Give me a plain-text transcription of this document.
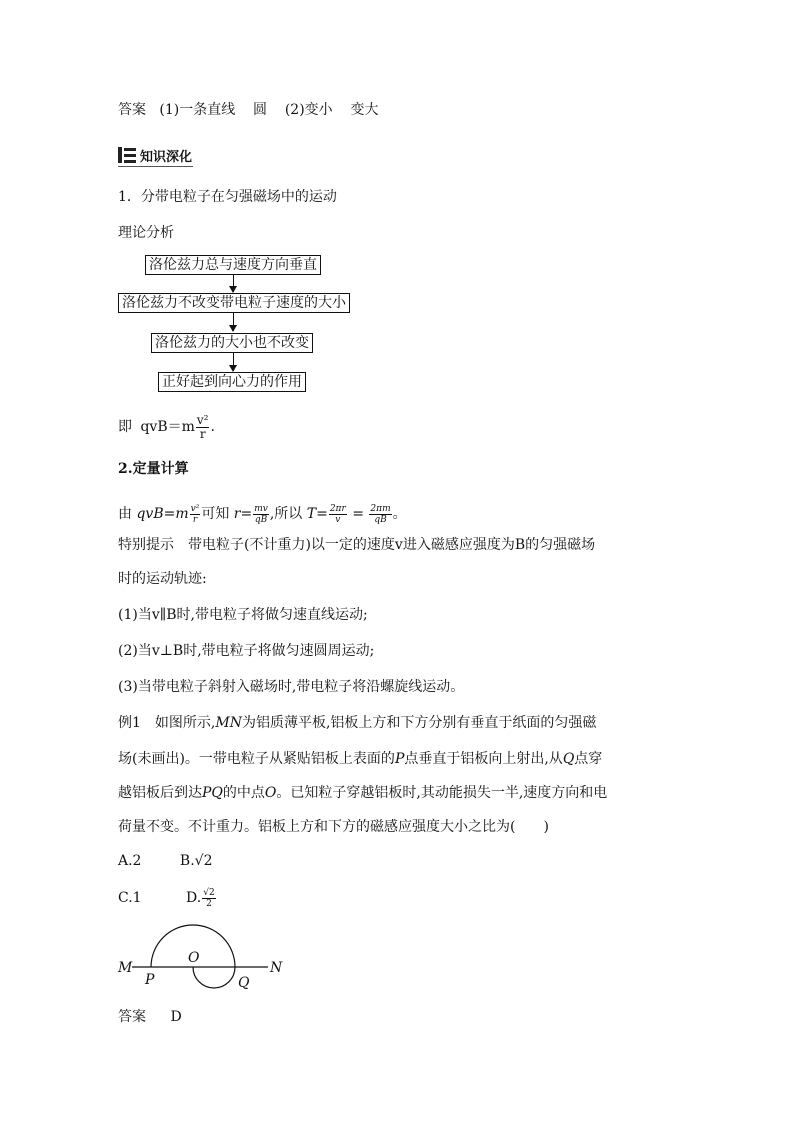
答案 (1)一条直线 圆 (2)变小 变大
知识深化
1．分带电粒子在匀强磁场中的运动
理论分析
洛伦兹力总与速度方向垂直
洛伦兹力不改变带电粒子速度的大小
洛伦兹力的大小也不改变
正好起到向心力的作用
即 $qvB=m \frac{\text{v²}}{r}$ .
2.定量计算
由 $qvB=m \frac{\text{v²}}{r}$ 可知 $r= \frac{mv}{qB}$ ,所以 $T= \frac{2\pi r}{v} = \frac{2\pi m}{qB}$ 。
特别提示　带电粒子(不计重力)以一定的速度v进入磁感应强度为B的匀强磁场
时的运动轨迹:
(1)当v∥B时,带电粒子将做匀速直线运动;
(2)当v⊥B时,带电粒子将做匀速圆周运动;
(3)当带电粒子斜射入磁场时,带电粒子将沿螺旋线运动。
例1　如图所示,MN为铝质薄平板,铝板上方和下方分别有垂直于纸面的匀强磁
场(未画出)。一带电粒子从紧贴铝板上表面的P点垂直于铝板向上射出,从Q点穿
越铝板后到达PQ的中点O。已知粒子穿越铝板时,其动能损失一半,速度方向和电
荷量不变。不计重力。铝板上方和下方的磁感应强度大小之比为(　　)
A.2	B.√2
C.1	D. $\frac{√2}{2}$
M	N
P
O
Q
答案 D
